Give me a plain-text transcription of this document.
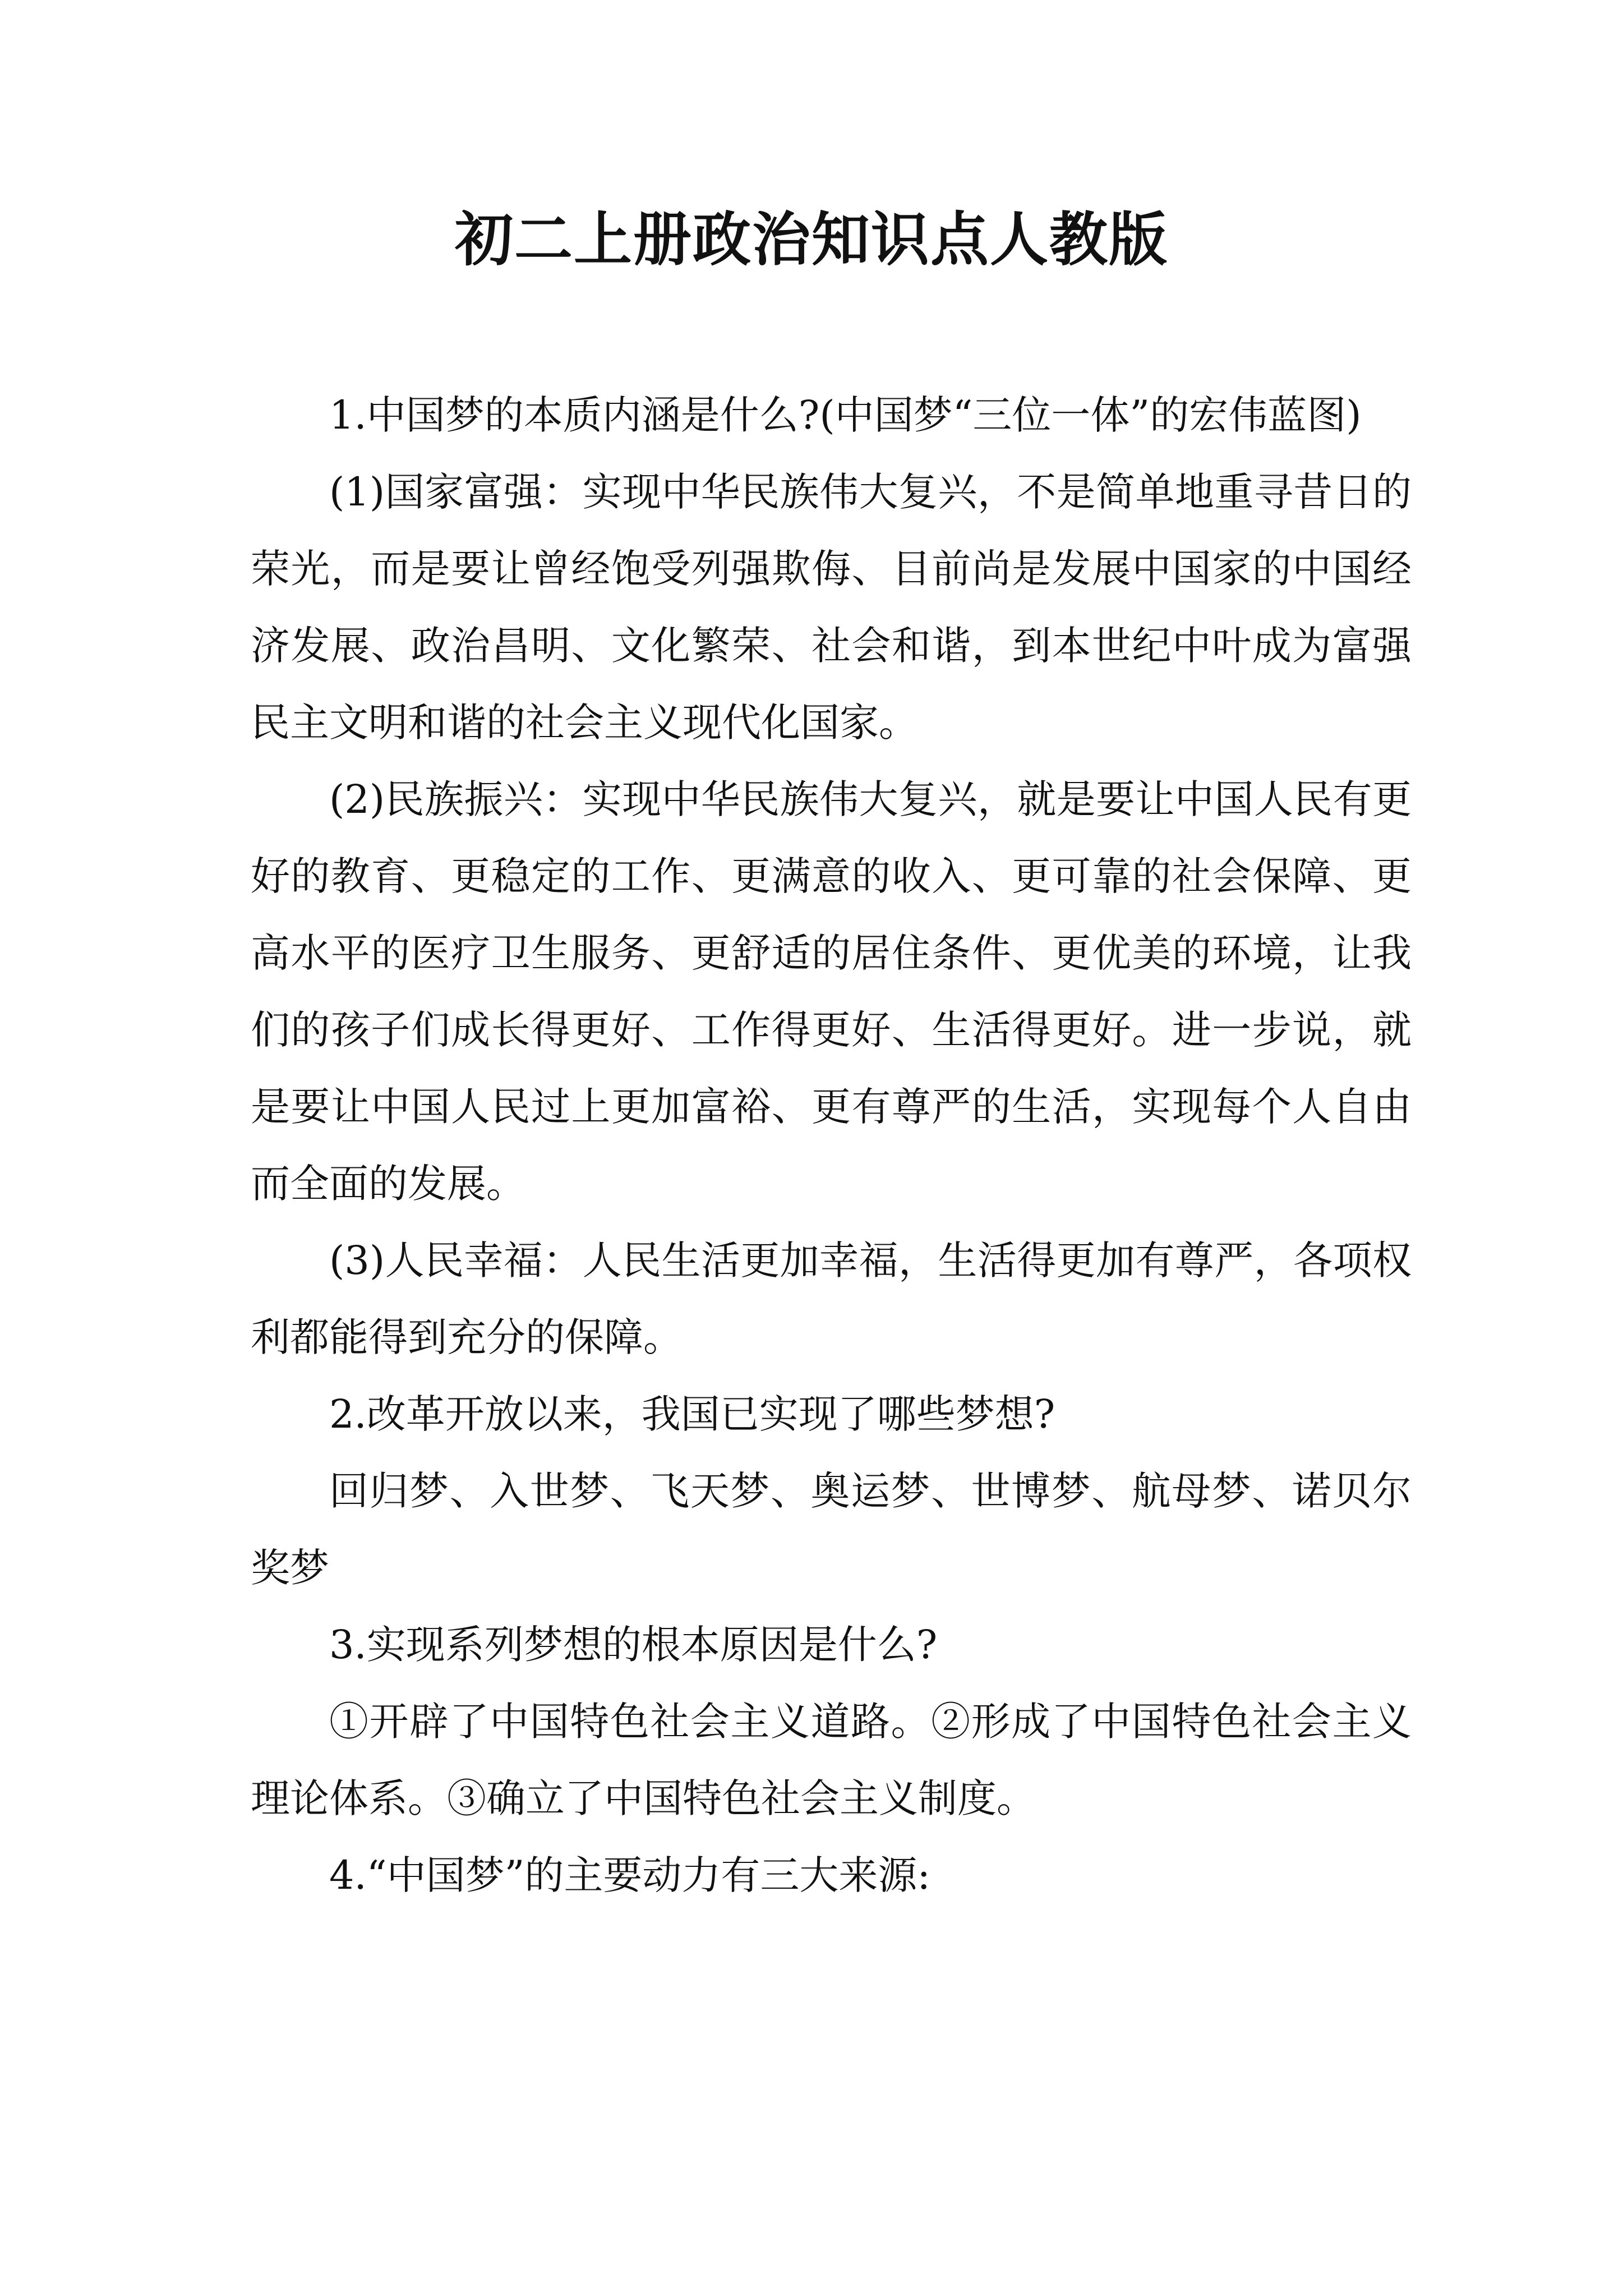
初二上册政治知识点人教版

1.中国梦的本质内涵是什么?(中国梦“三位一体”的宏伟蓝图)

(1)国家富强：实现中华民族伟大复兴，不是简单地重寻昔日的荣光，而是要让曾经饱受列强欺侮、目前尚是发展中国家的中国经济发展、政治昌明、文化繁荣、社会和谐，到本世纪中叶成为富强民主文明和谐的社会主义现代化国家。

(2)民族振兴：实现中华民族伟大复兴，就是要让中国人民有更好的教育、更稳定的工作、更满意的收入、更可靠的社会保障、更高水平的医疗卫生服务、更舒适的居住条件、更优美的环境，让我们的孩子们成长得更好、工作得更好、生活得更好。进一步说，就是要让中国人民过上更加富裕、更有尊严的生活，实现每个人自由而全面的发展。

(3)人民幸福：人民生活更加幸福，生活得更加有尊严，各项权利都能得到充分的保障。

2.改革开放以来，我国已实现了哪些梦想?

回归梦、入世梦、飞天梦、奥运梦、世博梦、航母梦、诺贝尔奖梦

3.实现系列梦想的根本原因是什么?

①开辟了中国特色社会主义道路。②形成了中国特色社会主义理论体系。③确立了中国特色社会主义制度。

4.“中国梦”的主要动力有三大来源:
